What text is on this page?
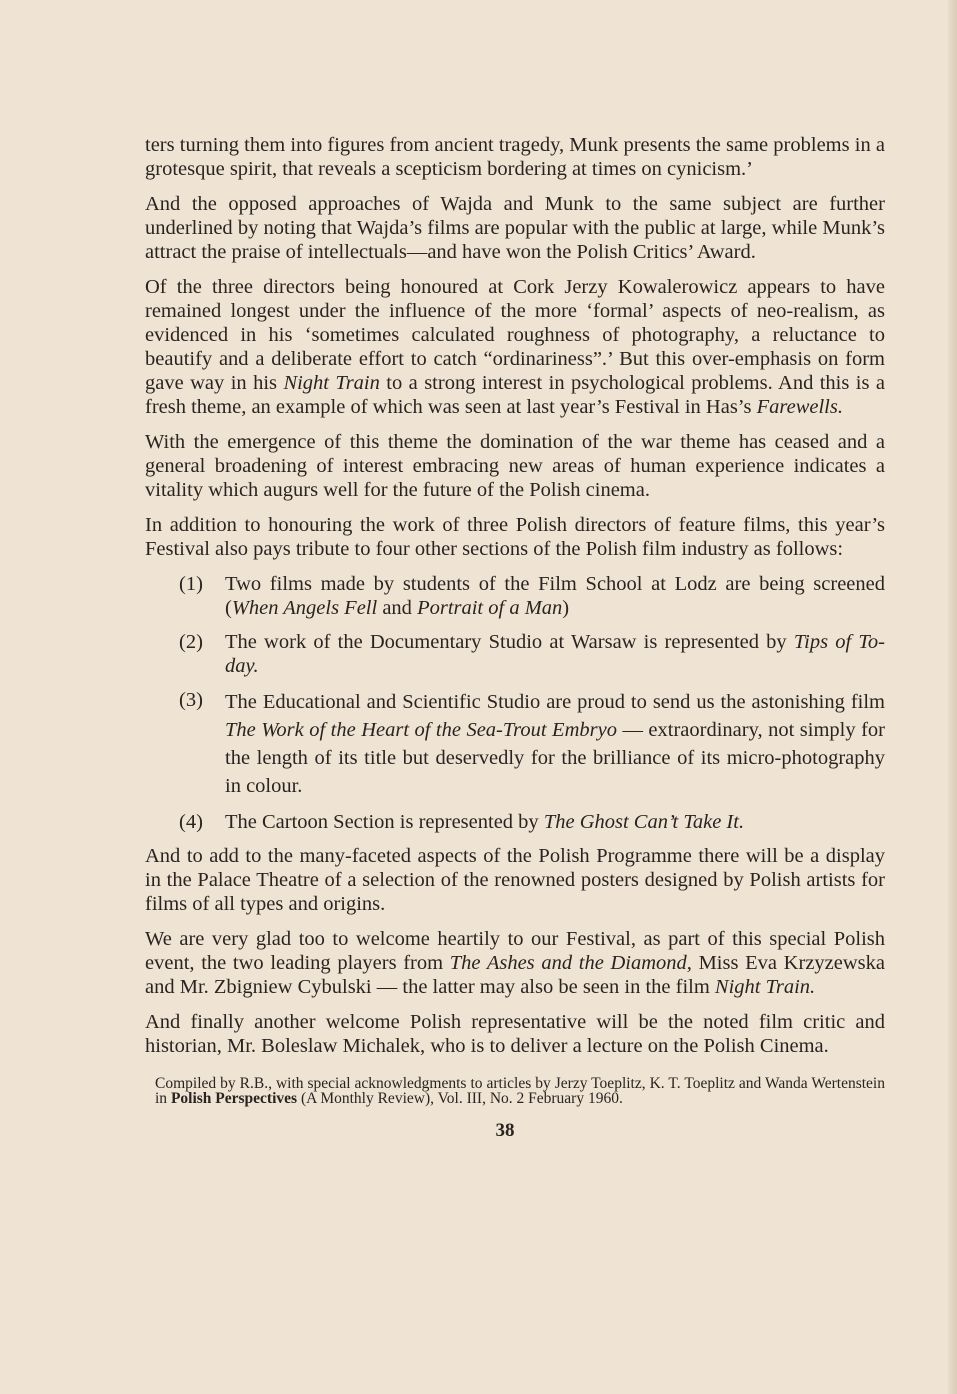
ters turning them into figures from ancient tragedy, Munk presents the same problems in a grotesque spirit, that reveals a scepticism bordering at times on cynicism.’

And the opposed approaches of Wajda and Munk to the same subject are further underlined by noting that Wajda’s films are popular with the public at large, while Munk’s attract the praise of intellectuals—and have won the Polish Critics’ Award.

Of the three directors being honoured at Cork Jerzy Kowalerowicz appears to have remained longest under the influence of the more ‘formal’ aspects of neo-realism, as evidenced in his ‘sometimes calculated roughness of photography, a reluctance to beautify and a deliberate effort to catch “ordinariness”.’ But this over-emphasis on form gave way in his Night Train to a strong interest in psychological problems. And this is a fresh theme, an example of which was seen at last year’s Festival in Has’s Farewells.

With the emergence of this theme the domination of the war theme has ceased and a general broadening of interest embracing new areas of human experience indicates a vitality which augurs well for the future of the Polish cinema.

In addition to honouring the work of three Polish directors of feature films, this year’s Festival also pays tribute to four other sections of the Polish film industry as follows:

(1)	Two films made by students of the Film School at Lodz are being screened (When Angels Fell and Portrait of a Man)
(2)	The work of the Documentary Studio at Warsaw is represented by Tips of To-day.
(3)	The Educational and Scientific Studio are proud to send us the astonishing film The Work of the Heart of the Sea-Trout Embryo — extraordinary, not simply for the length of its title but deservedly for the brilliance of its micro-photography in colour.
(4)	The Cartoon Section is represented by The Ghost Can’t Take It.

And to add to the many-faceted aspects of the Polish Programme there will be a display in the Palace Theatre of a selection of the renowned posters designed by Polish artists for films of all types and origins.

We are very glad too to welcome heartily to our Festival, as part of this special Polish event, the two leading players from The Ashes and the Diamond, Miss Eva Krzyzewska and Mr. Zbigniew Cybulski — the latter may also be seen in the film Night Train.

And finally another welcome Polish representative will be the noted film critic and historian, Mr. Boleslaw Michalek, who is to deliver a lecture on the Polish Cinema.

Compiled by R.B., with special acknowledgments to articles by Jerzy Toeplitz, K. T. Toeplitz and Wanda Wertenstein in Polish Perspectives (A Monthly Review), Vol. III, No. 2 February 1960.

38
